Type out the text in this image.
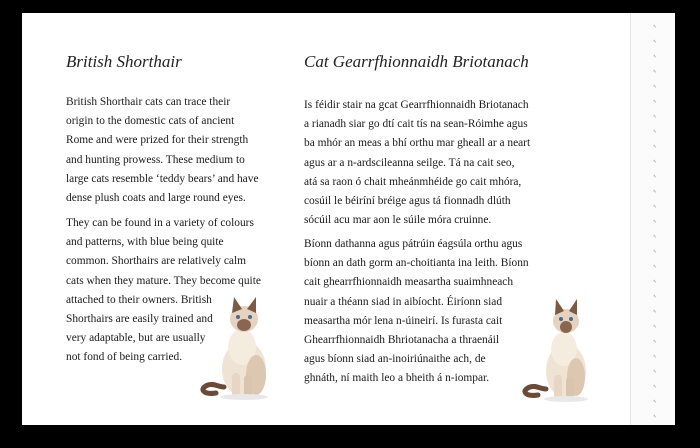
British Shorthair

British Shorthair cats can trace their
origin to the domestic cats of ancient
Rome and were prized for their strength
and hunting prowess. These medium to
large cats resemble ‘teddy bears’ and have
dense plush coats and large round eyes.

They can be found in a variety of colours
and patterns, with blue being quite
common. Shorthairs are relatively calm
cats when they mature. They become quite
attached to their owners. British
Shorthairs are easily trained and
very adaptable, but are usually
not fond of being carried.

Cat Gearrfhionnaidh Briotanach

Is féidir stair na gcat Gearrfhionnaidh Briotanach
a rianadh siar go dtí cait tís na sean-Róimhe agus
ba mhór an meas a bhí orthu mar gheall ar a neart
agus ar a n-ardscileanna seilge. Tá na cait seo,
atá sa raon ó chait mheánmhéide go cait mhóra,
cosúil le béiríní bréige agus tá fionnadh dlúth
sócúil acu mar aon le súile móra cruinne.

Bíonn dathanna agus pátrúin éagsúla orthu agus
bíonn an dath gorm an-choitianta ina leith. Bíonn
cait ghearrfhionnaidh measartha suaimhneach
nuair a théann siad in aibíocht. Éiríonn siad
measartha mór lena n-úineirí. Is furasta cait
Ghearrfhionnaidh Bhriotanacha a thraenáil
agus bíonn siad an-inoiriúnaithe ach, de
ghnáth, ní maith leo a bheith á n-iompar.

ʼˑ
ʼˑ
ʼˑ
ʼˑ
ʼˑ
ʼˑ
ʼˑ
ʼˑ
ʼˑ
ʼˑ
ʼˑ
ʼˑ
ʼˑ
ʼˑ
ʼˑ
ʼˑ
ʼˑ
ʼˑ
ʼˑ
ʼˑ
ʼˑ
ʼˑ
ʼˑ
ʼˑ
ʼˑ
ʼˑ
ʼˑ
